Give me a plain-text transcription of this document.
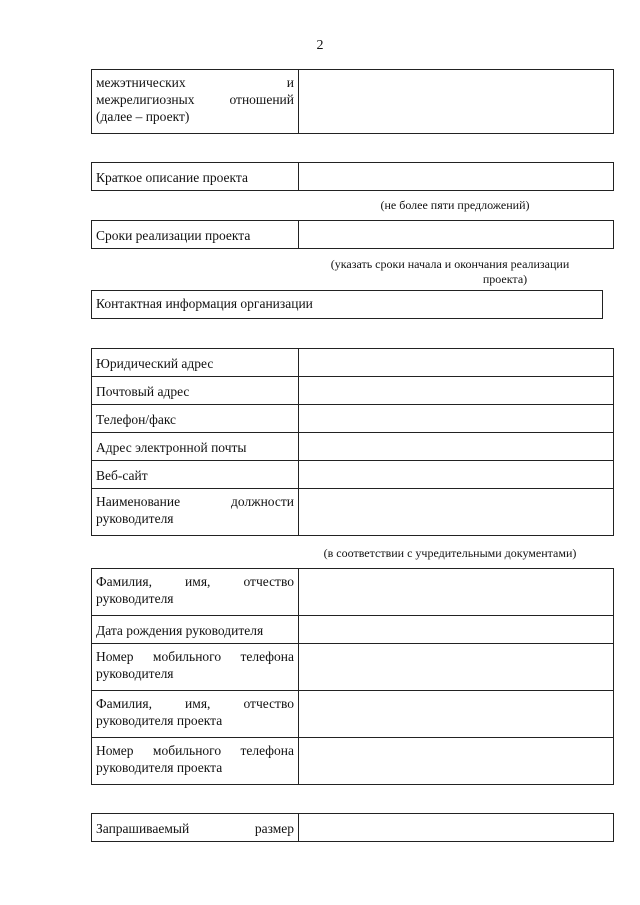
2
межэтнических и
межрелигиозных отношений
(далее – проект)

Краткое описание проекта	
(не более пяти предложений)
Сроки реализации проекта	
(указать сроки начала и окончания реализации
проекта)
Контактная информация организации
Юридический адрес	
Почтовый адрес	
Телефон/факс	
Адрес электронной почты	
Веб-сайт	

Наименование должности
руководителя	

(в соответствии с учредительными документами)
Фамилия, имя, отчество
руководителя	

Дата рождения руководителя	

Номер мобильного телефона
руководителя	

Фамилия, имя, отчество
руководителя проекта	

Номер мобильного телефона
руководителя проекта	

Запрашиваемый размер	
